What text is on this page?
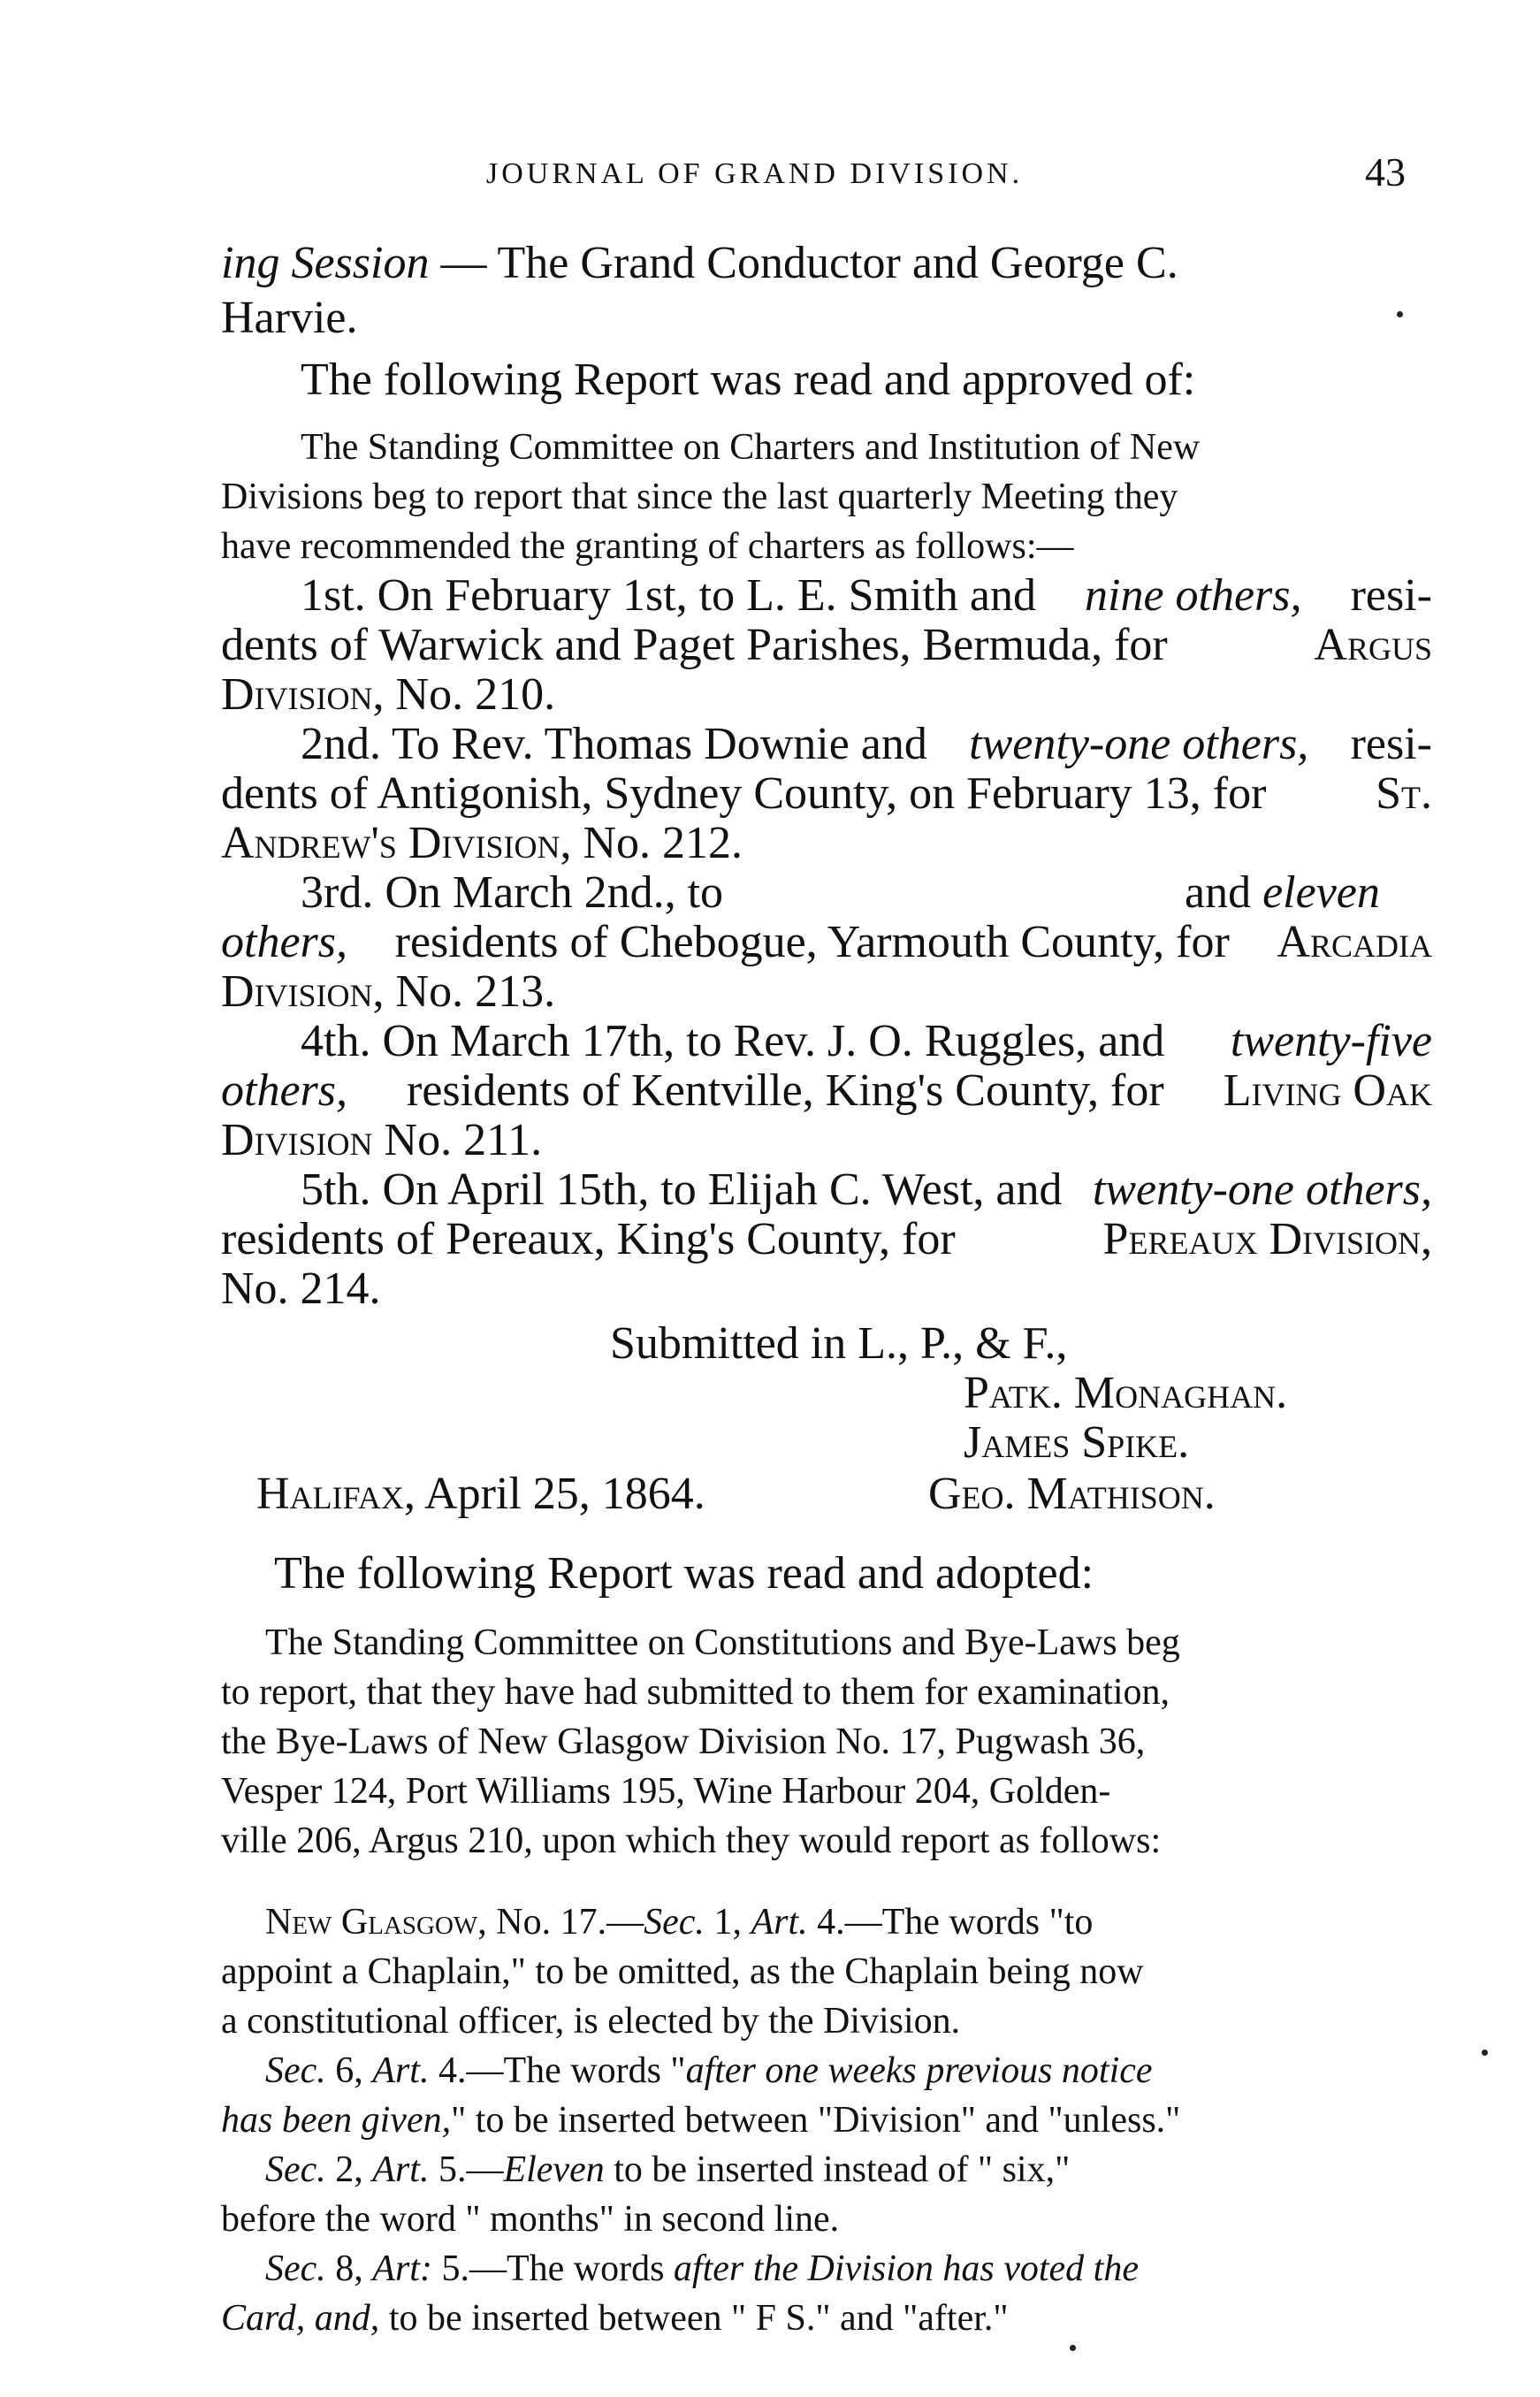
JOURNAL OF GRAND DIVISION.	43
ing Session — The Grand Conductor and George C.
Harvie.
The following Report was read and approved of:
The Standing Committee on Charters and Institution of New
Divisions beg to report that since the last quarterly Meeting they
have recommended the granting of charters as follows:—
1st. On February 1st, to L. E. Smith and nine others, resi-
dents of Warwick and Paget Parishes, Bermuda, for	Argus
Division, No. 210.
2nd. To Rev. Thomas Downie and twenty-one others, resi-
dents of Antigonish, Sydney County, on February 13, for St.
Andrew's Division, No. 212.
3rd. On March 2nd., to	and eleven
others, residents of Chebogue, Yarmouth County, for Arcadia
Division, No. 213.
4th. On March 17th, to Rev. J. O. Ruggles, and twenty-five
others, residents of Kentville, King's County, for Living Oak
Division No. 211.
5th. On April 15th, to Elijah C. West, and twenty-one others,
residents of Pereaux, King's County, for	Pereaux Division,
No. 214.
Submitted in L., P., & F.,
Patk. Monaghan.
James Spike.
Halifax, April 25, 1864.	Geo. Mathison.
The following Report was read and adopted:
The Standing Committee on Constitutions and Bye-Laws beg
to report, that they have had submitted to them for examination,
the Bye-Laws of New Glasgow Division No. 17, Pugwash 36,
Vesper 124, Port Williams 195, Wine Harbour 204, Golden-
ville 206, Argus 210, upon which they would report as follows:
New Glasgow, No. 17.—Sec. 1, Art. 4.—The words "to
appoint a Chaplain," to be omitted, as the Chaplain being now
a constitutional officer, is elected by the Division.
Sec. 6, Art. 4.—The words "after one weeks previous notice
has been given," to be inserted between "Division" and "unless."
Sec. 2, Art. 5.—Eleven to be inserted instead of " six,"
before the word " months" in second line.
Sec. 8, Art: 5.—The words after the Division has voted the
Card, and, to be inserted between " F S." and "after."
